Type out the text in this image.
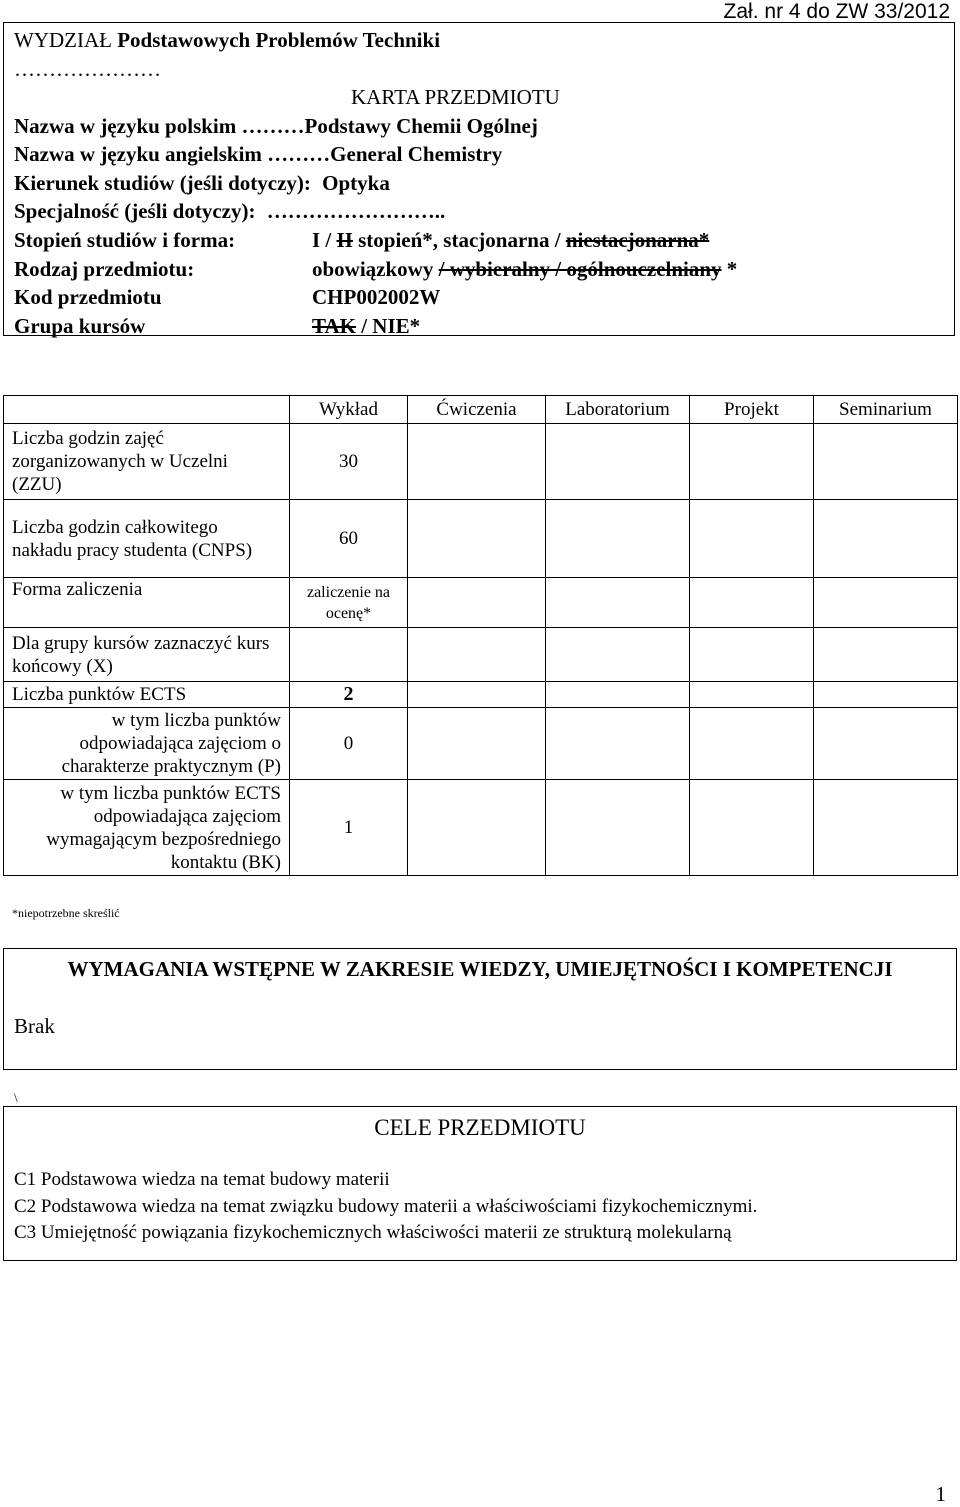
Zał. nr 4 do ZW 33/2012
WYDZIAŁ Podstawowych Problemów Techniki
…………………
KARTA PRZEDMIOTU
Nazwa w języku polskim ………Podstawy Chemii Ogólnej
Nazwa w języku angielskim ………General Chemistry
Kierunek studiów (jeśli dotyczy): Optyka
Specjalność (jeśli dotyczy): ……………………..
Stopień studiów i forma:	I / II stopień*, stacjonarna / niestacjonarna*
Rodzaj przedmiotu:	obowiązkowy / wybieralny / ogólnouczelniany *
Kod przedmiotu	CHP002002W
Grupa kursów	TAK / NIE*
	Wykład	Ćwiczenia	Laboratorium	Projekt	Seminarium
Liczba godzin zajęć zorganizowanych w Uczelni (ZZU)	30				
Liczba godzin całkowitego nakładu pracy studenta (CNPS)	60				
Forma zaliczenia	zaliczenie na ocenę*				
Dla grupy kursów zaznaczyć kurs końcowy (X)					
Liczba punktów ECTS	2				
w tym liczba punktów odpowiadająca zajęciom o charakterze praktycznym (P)	0				
w tym liczba punktów ECTS odpowiadająca zajęciom wymagającym bezpośredniego kontaktu (BK)	1				
*niepotrzebne skreślić
WYMAGANIA WSTĘPNE W ZAKRESIE WIEDZY, UMIEJĘTNOŚCI I KOMPETENCJI
Brak
\
CELE PRZEDMIOTU
C1 Podstawowa wiedza na temat budowy materii
C2 Podstawowa wiedza na temat związku budowy materii a właściwościami fizykochemicznymi.
C3 Umiejętność powiązania fizykochemicznych właściwości materii ze strukturą molekularną
1
